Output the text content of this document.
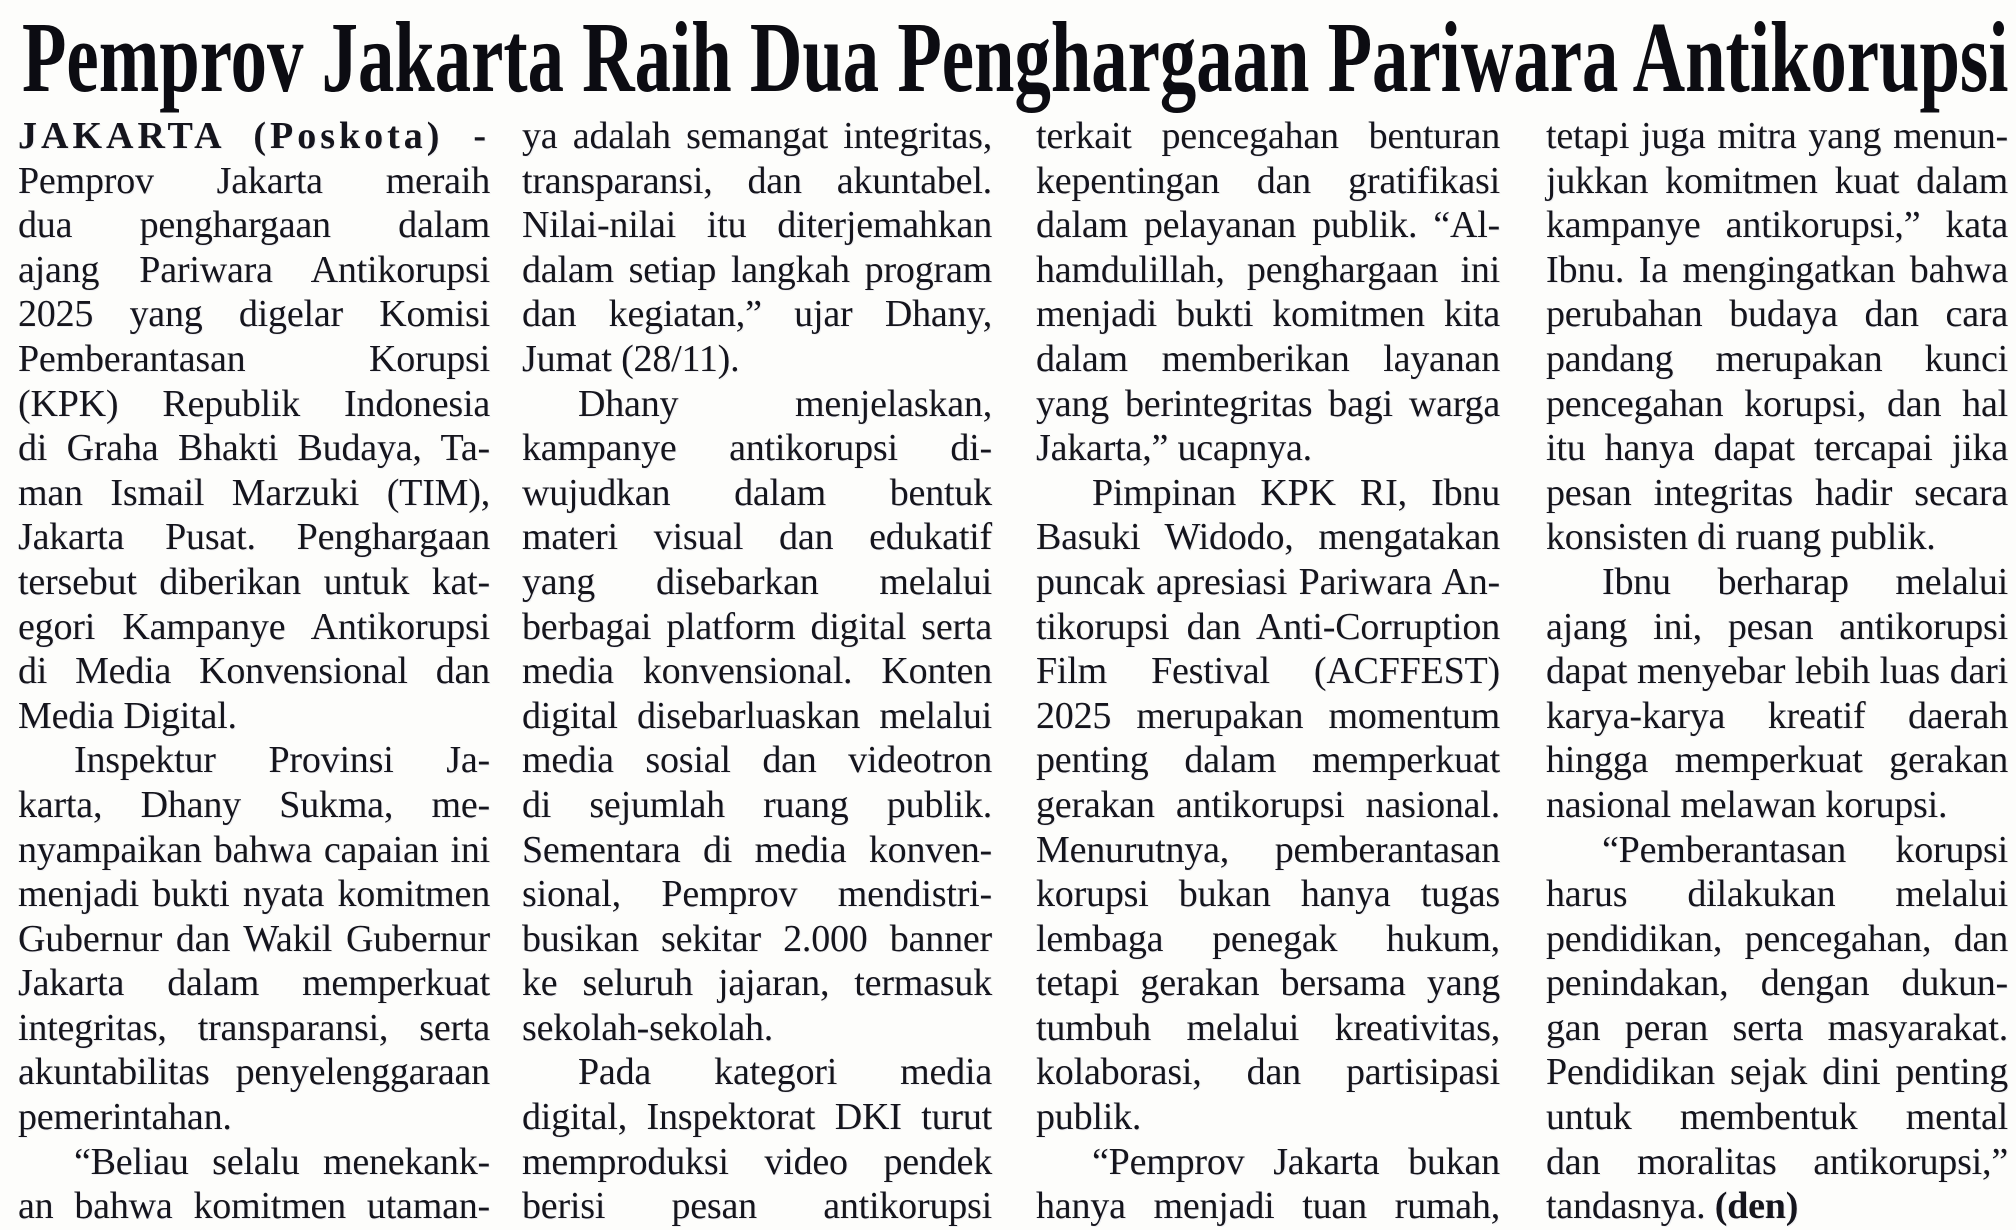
Pemprov Jakarta Raih Dua Penghargaan Pariwara Antikorupsi
JAKARTA (Poskota) -
Pemprov Jakarta meraih
dua penghargaan dalam
ajang Pariwara Antikorupsi
2025 yang digelar Komisi
Pemberantasan Korupsi
(KPK) Republik Indonesia
di Graha Bhakti Budaya, Ta-
man Ismail Marzuki (TIM),
Jakarta Pusat. Penghargaan
tersebut diberikan untuk kat-
egori Kampanye Antikorupsi
di Media Konvensional dan
Media Digital.
Inspektur Provinsi Ja-
karta, Dhany Sukma, me-
nyampaikan bahwa capaian ini
menjadi bukti nyata komitmen
Gubernur dan Wakil Gubernur
Jakarta dalam memperkuat
integritas, transparansi, serta
akuntabilitas penyelenggaraan
pemerintahan.
“Beliau selalu menekank-
an bahwa komitmen utaman-
ya adalah semangat integritas,
transparansi, dan akuntabel.
Nilai-nilai itu diterjemahkan
dalam setiap langkah program
dan kegiatan,” ujar Dhany,
Jumat (28/11).
Dhany menjelaskan,
kampanye antikorupsi di-
wujudkan dalam bentuk
materi visual dan edukatif
yang disebarkan melalui
berbagai platform digital serta
media konvensional. Konten
digital disebarluaskan melalui
media sosial dan videotron
di sejumlah ruang publik.
Sementara di media konven-
sional, Pemprov mendistri-
busikan sekitar 2.000 banner
ke seluruh jajaran, termasuk
sekolah-sekolah.
Pada kategori media
digital, Inspektorat DKI turut
memproduksi video pendek
berisi pesan antikorupsi
terkait pencegahan benturan
kepentingan dan gratifikasi
dalam pelayanan publik. “Al-
hamdulillah, penghargaan ini
menjadi bukti komitmen kita
dalam memberikan layanan
yang berintegritas bagi warga
Jakarta,” ucapnya.
Pimpinan KPK RI, Ibnu
Basuki Widodo, mengatakan
puncak apresiasi Pariwara An-
tikorupsi dan Anti-Corruption
Film Festival (ACFFEST)
2025 merupakan momentum
penting dalam memperkuat
gerakan antikorupsi nasional.
Menurutnya, pemberantasan
korupsi bukan hanya tugas
lembaga penegak hukum,
tetapi gerakan bersama yang
tumbuh melalui kreativitas,
kolaborasi, dan partisipasi
publik.
“Pemprov Jakarta bukan
hanya menjadi tuan rumah,
tetapi juga mitra yang menun-
jukkan komitmen kuat dalam
kampanye antikorupsi,” kata
Ibnu. Ia mengingatkan bahwa
perubahan budaya dan cara
pandang merupakan kunci
pencegahan korupsi, dan hal
itu hanya dapat tercapai jika
pesan integritas hadir secara
konsisten di ruang publik.
Ibnu berharap melalui
ajang ini, pesan antikorupsi
dapat menyebar lebih luas dari
karya-karya kreatif daerah
hingga memperkuat gerakan
nasional melawan korupsi.
“Pemberantasan korupsi
harus dilakukan melalui
pendidikan, pencegahan, dan
penindakan, dengan dukun-
gan peran serta masyarakat.
Pendidikan sejak dini penting
untuk membentuk mental
dan moralitas antikorupsi,”
tandasnya. (den)
